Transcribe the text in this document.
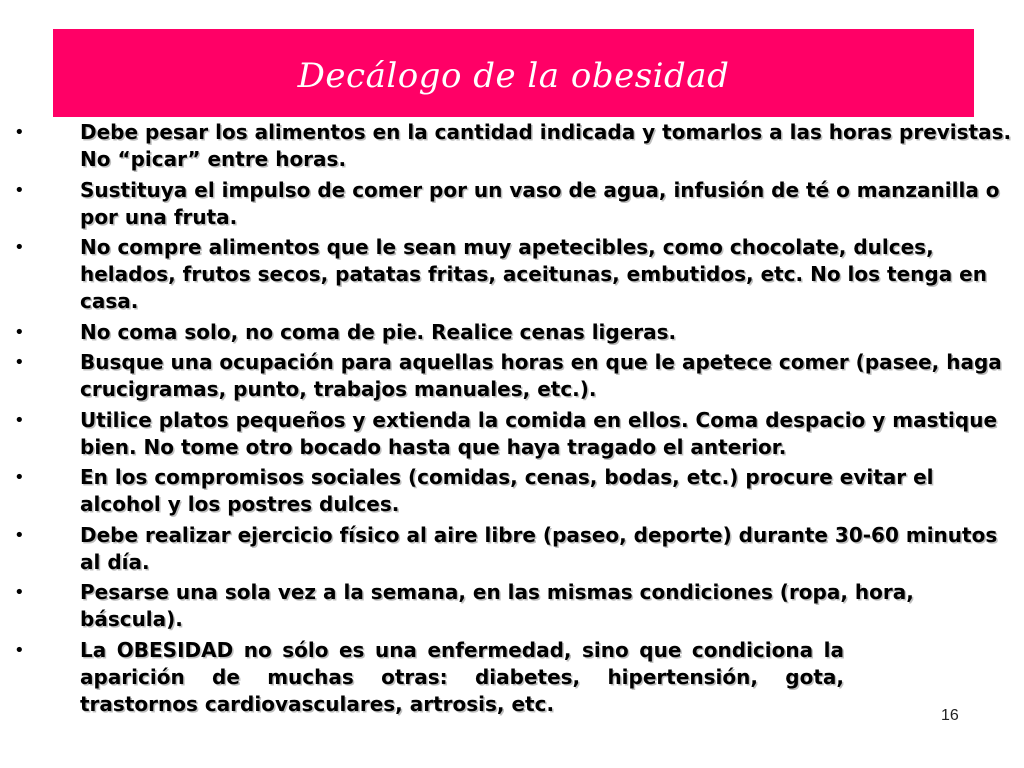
Decálogo de la obesidad
•	Debe pesar los alimentos en la cantidad indicada y tomarlos a las horas previstas. No “picar” entre horas.
•	Sustituya el impulso de comer por un vaso de agua, infusión de té o manzanilla o por una fruta.
•	No compre alimentos que le sean muy apetecibles, como chocolate, dulces, helados, frutos secos, patatas fritas, aceitunas, embutidos, etc. No los tenga en casa.
•	No coma solo, no coma de pie. Realice cenas ligeras.
•	Busque una ocupación para aquellas horas en que le apetece comer (pasee, haga crucigramas, punto, trabajos manuales, etc.).
•	Utilice platos pequeños y extienda la comida en ellos. Coma despacio y mastique bien. No tome otro bocado hasta que haya tragado el anterior.
•	En los compromisos sociales (comidas, cenas, bodas, etc.) procure evitar el alcohol y los postres dulces.
•	Debe realizar ejercicio físico al aire libre (paseo, deporte) durante 30-60 minutos al día.
•	Pesarse una sola vez a la semana, en las mismas condiciones (ropa, hora, báscula).
•	La OBESIDAD no sólo es una enfermedad, sino que condiciona la aparición de muchas otras: diabetes, hipertensión, gota, trastornos cardiovasculares, artrosis, etc.	16
